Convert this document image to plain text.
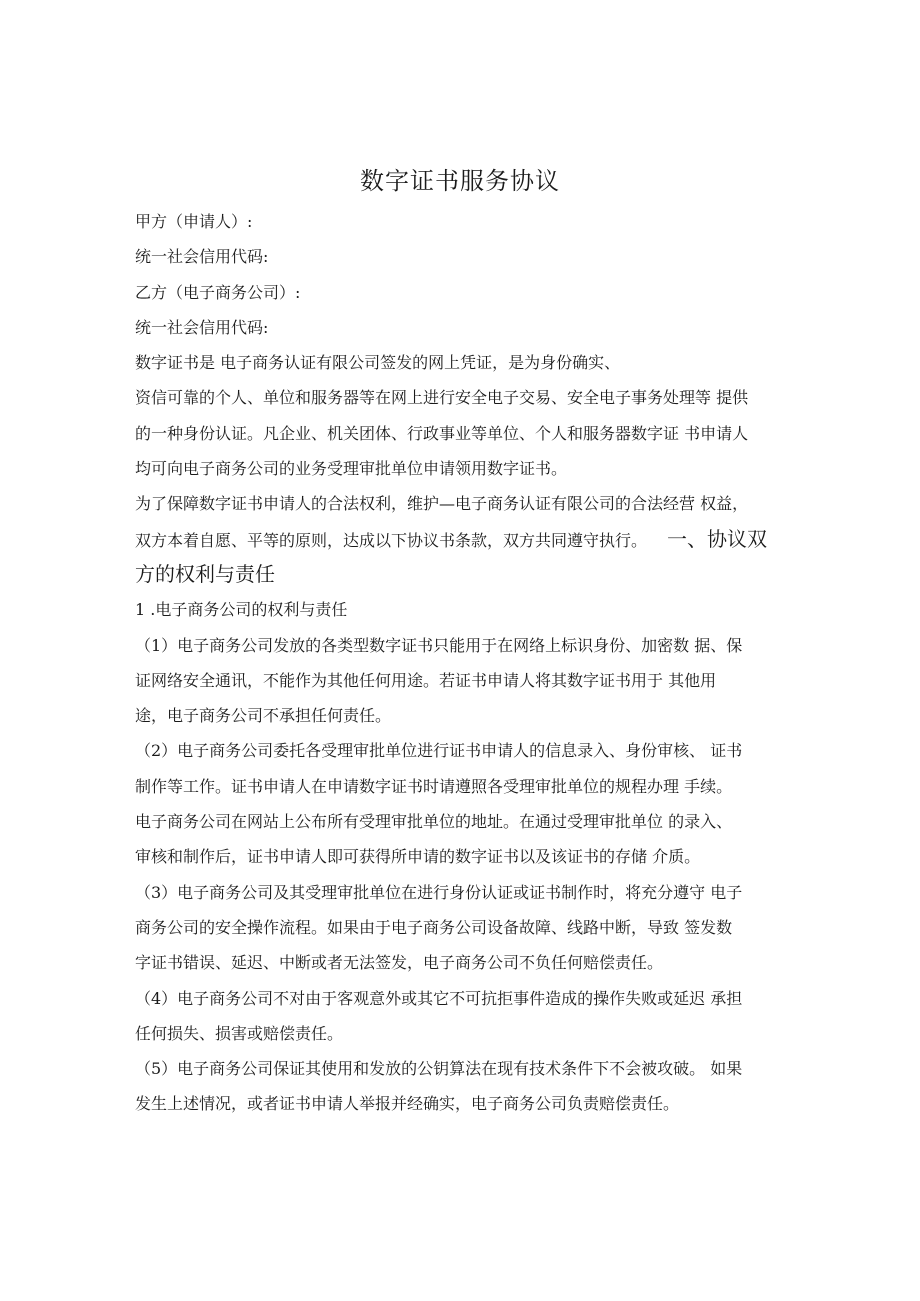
数字证书服务协议
甲方（申请人）:
统一社会信用代码:
乙方（电子商务公司）:
统一社会信用代码:
数字证书是 电子商务认证有限公司签发的网上凭证，是为身份确实、
资信可靠的个人、单位和服务器等在网上进行安全电子交易、安全电子事务处理等 提供
的一种身份认证。凡企业、机关团体、行政事业等单位、个人和服务器数字证 书申请人
均可向电子商务公司的业务受理审批单位申请领用数字证书。
为了保障数字证书申请人的合法权利，维护—电子商务认证有限公司的合法经营 权益，
双方本着自愿、平等的原则，达成以下协议书条款，双方共同遵守执行。 一、协议双
方的权利与责任
1 .电子商务公司的权利与责任
（1）电子商务公司发放的各类型数字证书只能用于在网络上标识身份、加密数 据、保
证网络安全通讯，不能作为其他任何用途。若证书申请人将其数字证书用于 其他用
途，电子商务公司不承担任何责任。
（2）电子商务公司委托各受理审批单位进行证书申请人的信息录入、身份审核、 证书
制作等工作。证书申请人在申请数字证书时请遵照各受理审批单位的规程办理 手续。
电子商务公司在网站上公布所有受理审批单位的地址。在通过受理审批单位 的录入、
审核和制作后，证书申请人即可获得所申请的数字证书以及该证书的存储 介质。
（3）电子商务公司及其受理审批单位在进行身份认证或证书制作时，将充分遵守 电子
商务公司的安全操作流程。如果由于电子商务公司设备故障、线路中断，导致 签发数
字证书错误、延迟、中断或者无法签发，电子商务公司不负任何赔偿责任。
（4）电子商务公司不对由于客观意外或其它不可抗拒事件造成的操作失败或延迟 承担
任何损失、损害或赔偿责任。
（5）电子商务公司保证其使用和发放的公钥算法在现有技术条件下不会被攻破。 如果
发生上述情况，或者证书申请人举报并经确实，电子商务公司负责赔偿责任。
